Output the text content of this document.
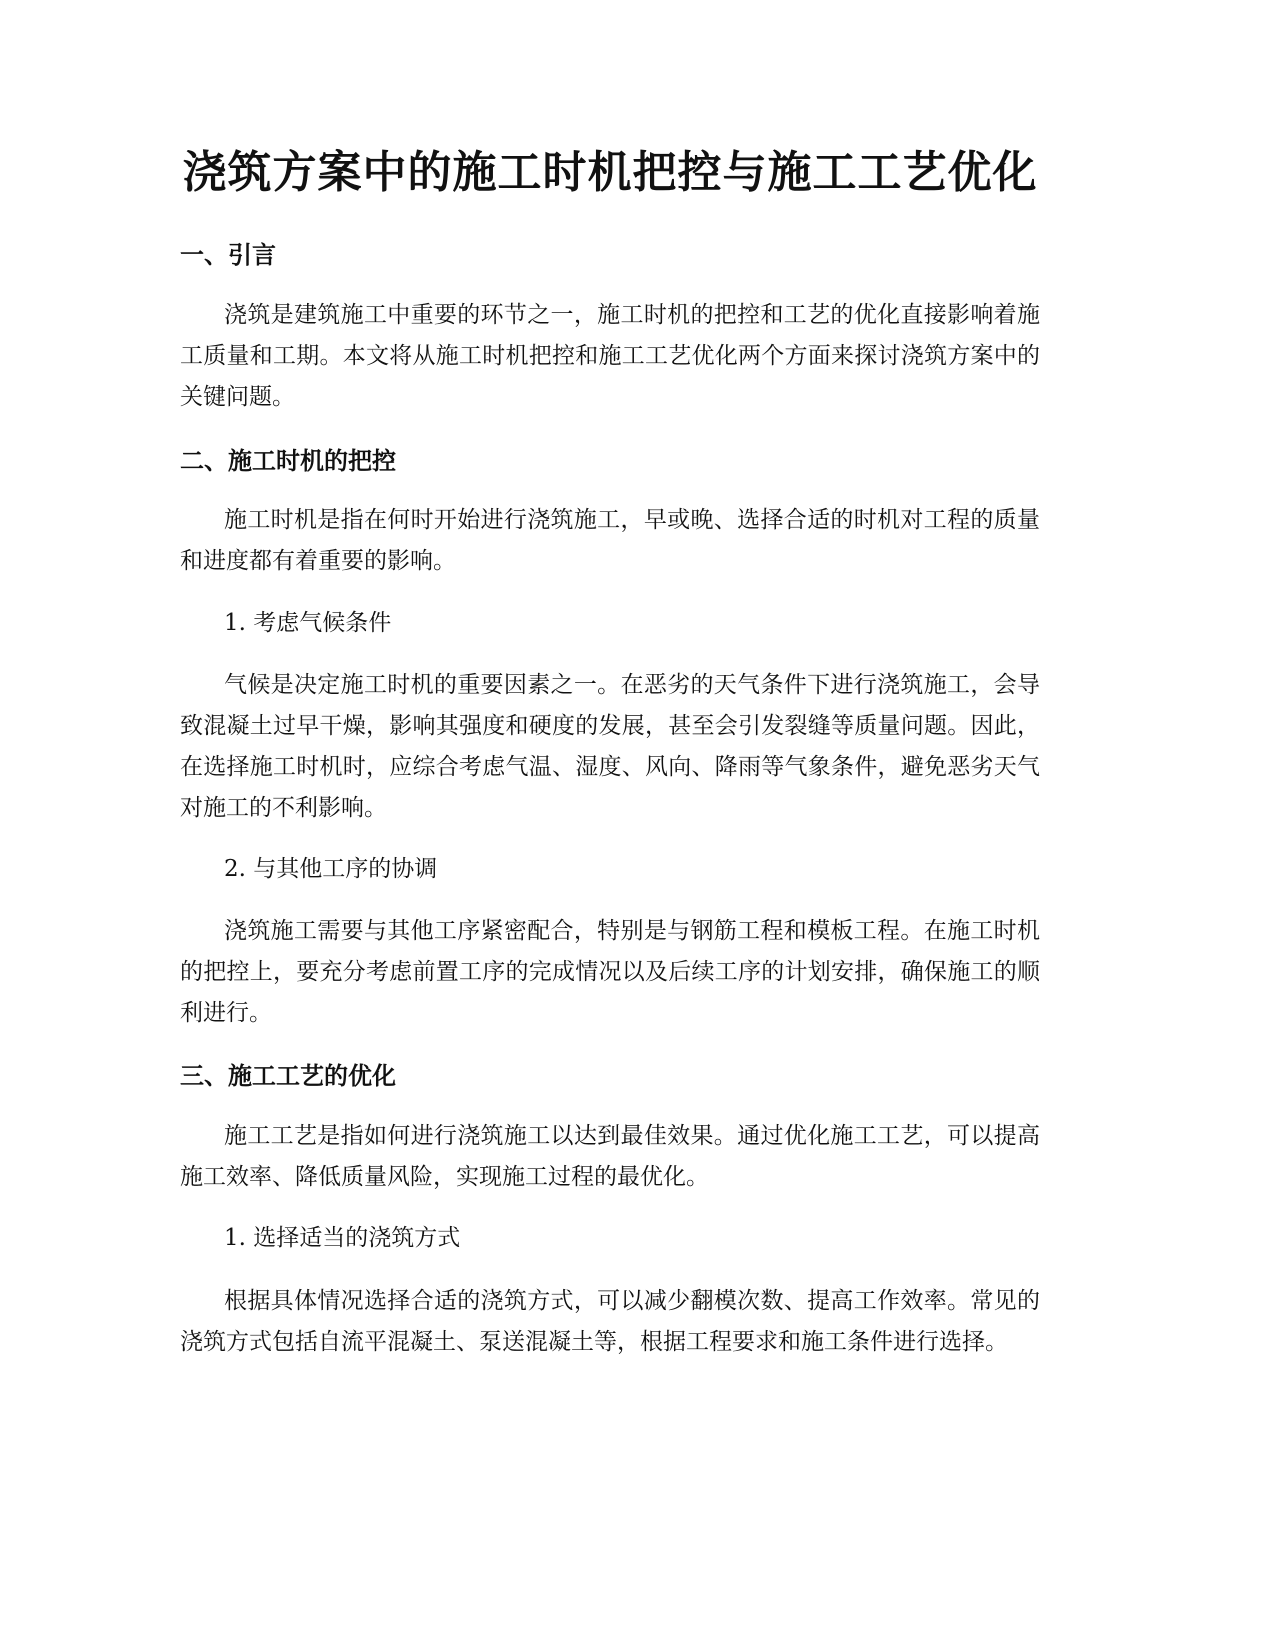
浇筑方案中的施工时机把控与施工工艺优化
一、引言

浇筑是建筑施工中重要的环节之一，施工时机的把控和工艺的优化直接影响着施工质量和工期。本文将从施工时机把控和施工工艺优化两个方面来探讨浇筑方案中的关键问题。

二、施工时机的把控

施工时机是指在何时开始进行浇筑施工，早或晚、选择合适的时机对工程的质量和进度都有着重要的影响。

1. 考虑气候条件

气候是决定施工时机的重要因素之一。在恶劣的天气条件下进行浇筑施工，会导致混凝土过早干燥，影响其强度和硬度的发展，甚至会引发裂缝等质量问题。因此，在选择施工时机时，应综合考虑气温、湿度、风向、降雨等气象条件，避免恶劣天气对施工的不利影响。

2. 与其他工序的协调

浇筑施工需要与其他工序紧密配合，特别是与钢筋工程和模板工程。在施工时机的把控上，要充分考虑前置工序的完成情况以及后续工序的计划安排，确保施工的顺利进行。

三、施工工艺的优化

施工工艺是指如何进行浇筑施工以达到最佳效果。通过优化施工工艺，可以提高施工效率、降低质量风险，实现施工过程的最优化。

1. 选择适当的浇筑方式

根据具体情况选择合适的浇筑方式，可以减少翻模次数、提高工作效率。常见的浇筑方式包括自流平混凝土、泵送混凝土等，根据工程要求和施工条件进行选择。
